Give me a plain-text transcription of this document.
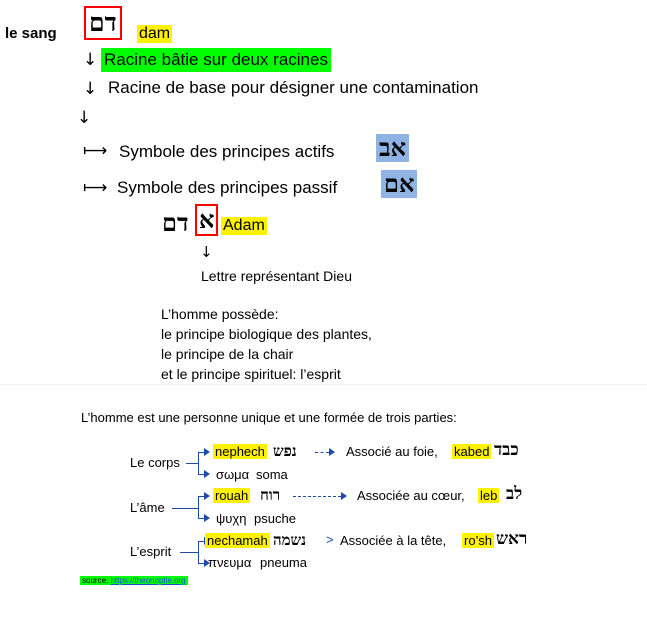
le sang דם	dam
↓ Racine bâtie sur deux racines
↓ Racine de base pour désigner une contamination
↓
⟼ Symbole des principes actifs אב
⟼ Symbole des principes passif אם
דם א Adam
↓
Lettre représentant Dieu
L’homme possède:
le principe biologique des plantes,
le principe de la chair
et le principe spirituel: l’esprit
L’homme est une personne unique et une formée de trois parties:
Le corps
nephech נפש	Associé au foie, kabed כבד
σωμα soma
L’âme
rouah רוח	Associée au cœur, leb לב
ψυχη psuche
L’esprit
nechamah נשמה > Associée à la tête, ro’sh ראש
πνευμα pneuma
source: https://theonoptie.org
